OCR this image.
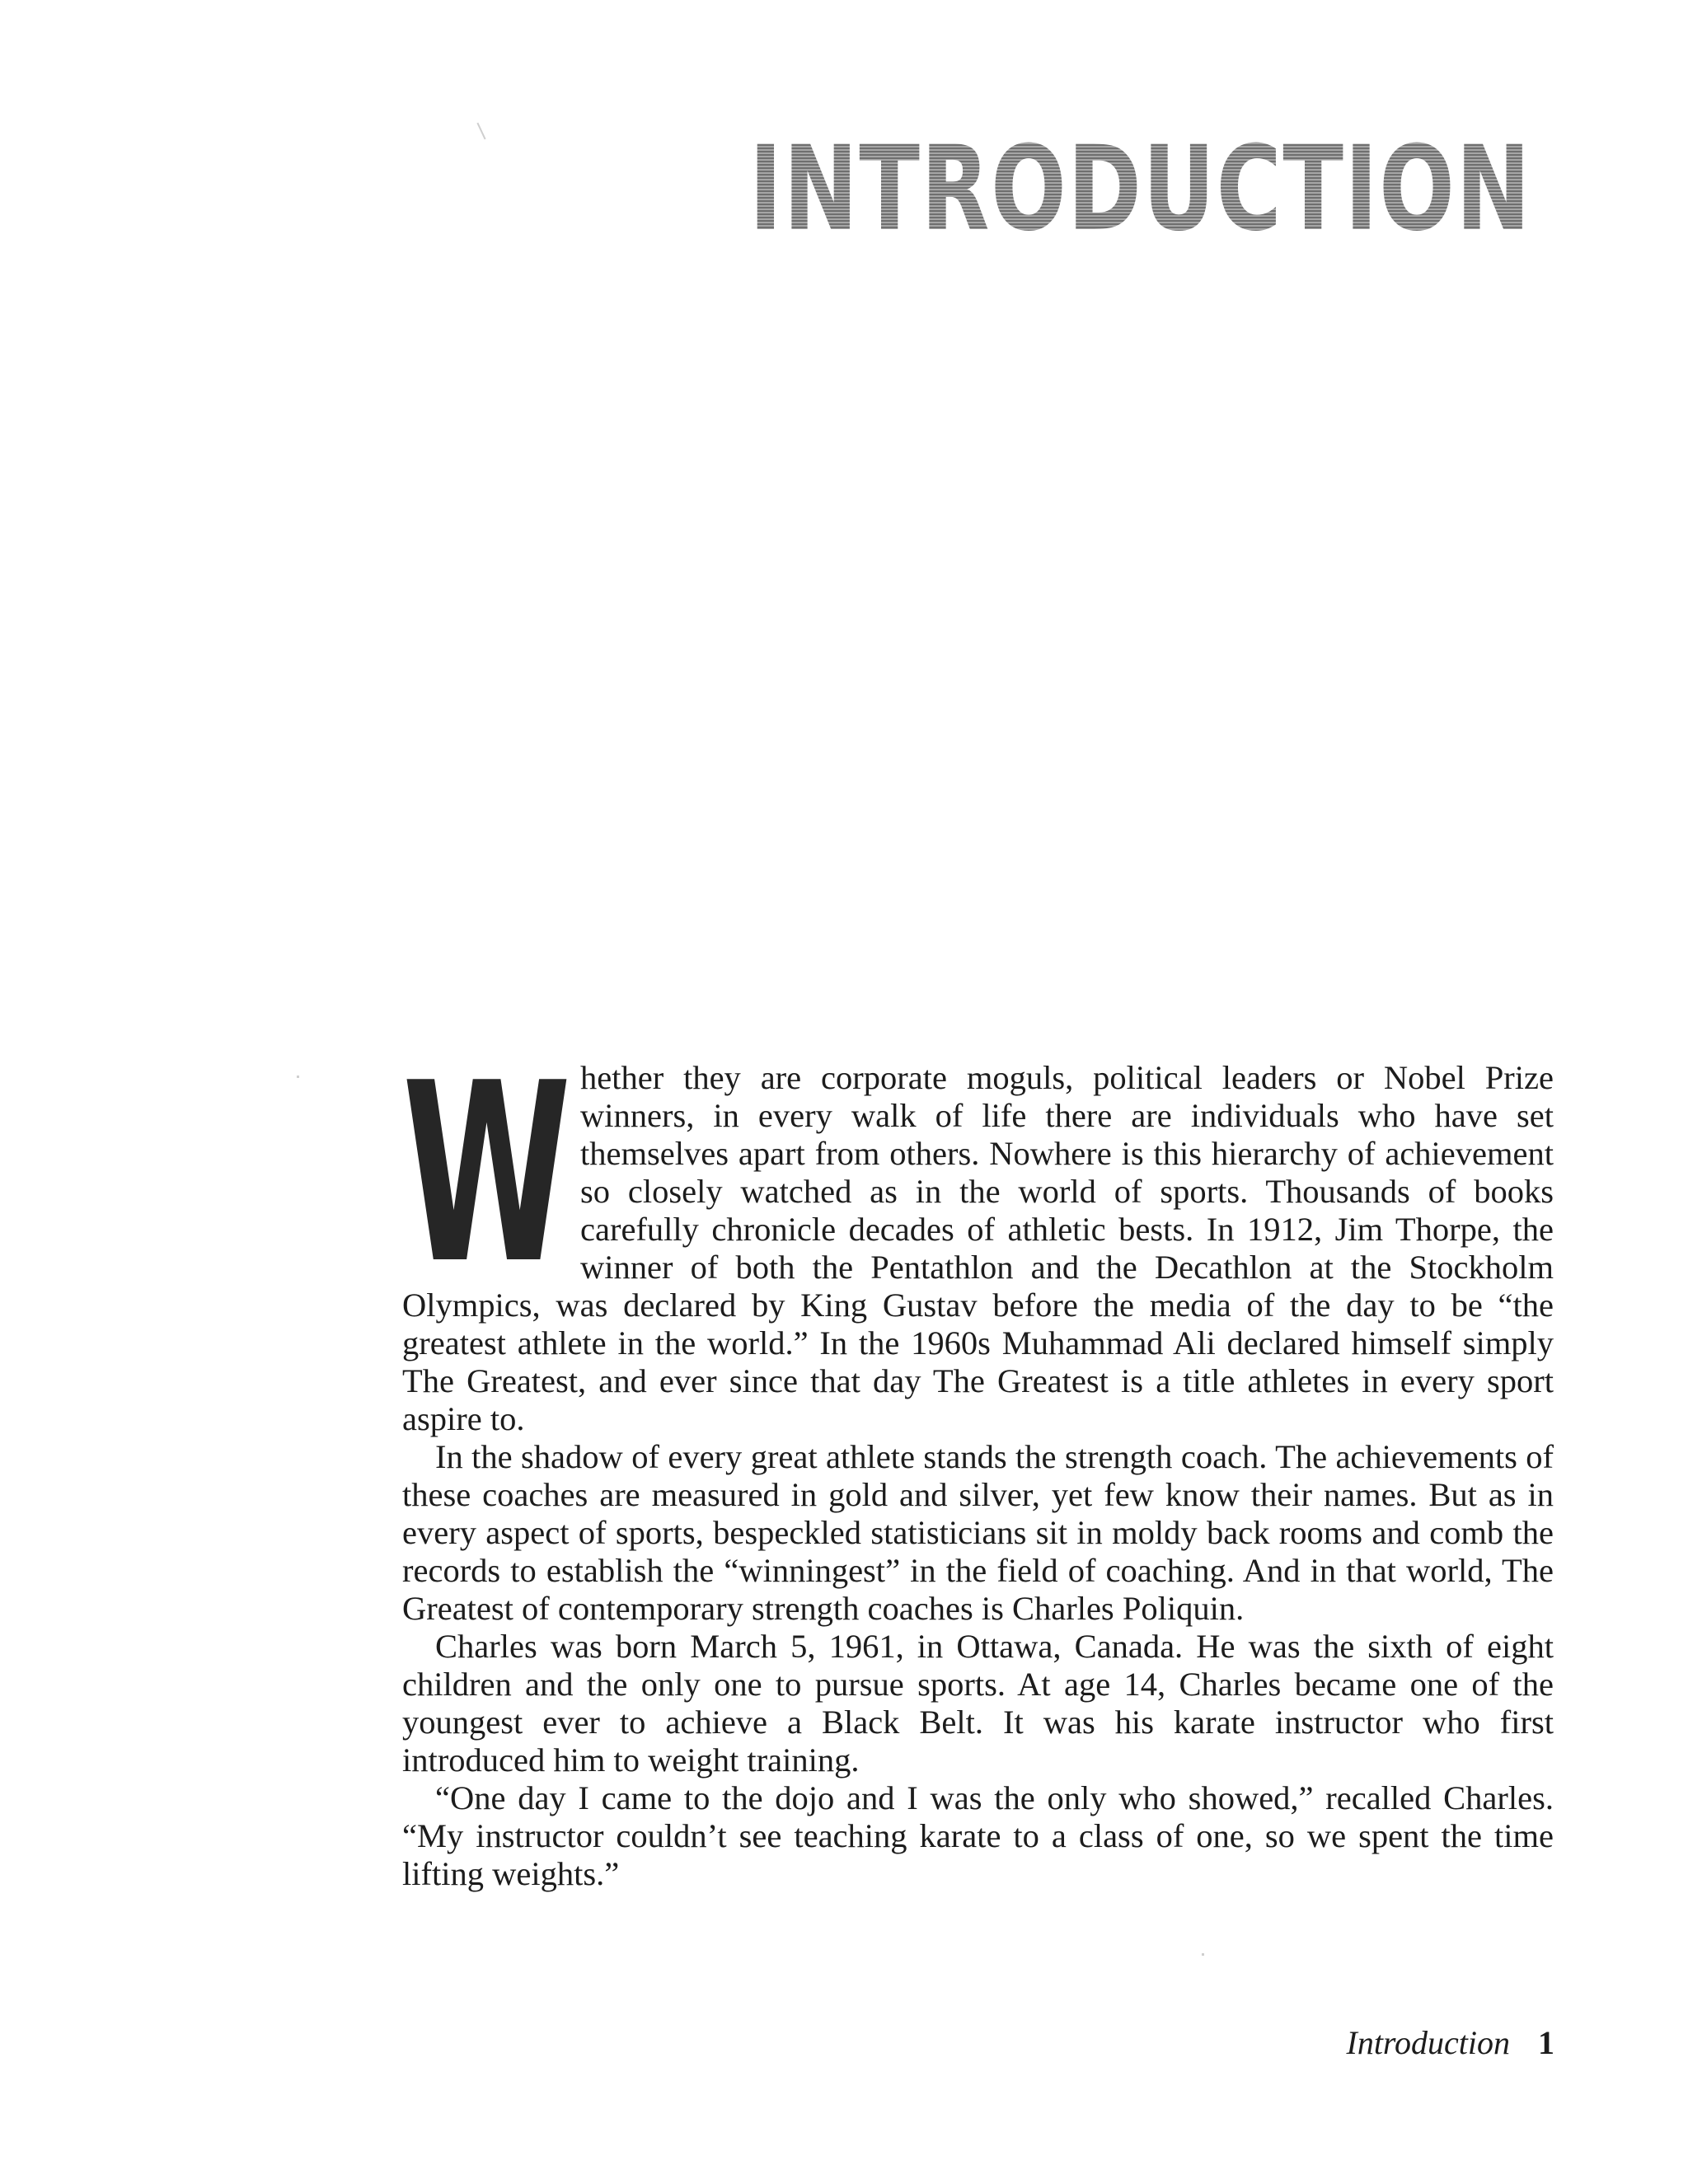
INTRODUCTION

Whether they are corporate moguls, political leaders or Nobel Prize winners, in every walk of life there are individuals who have set themselves apart from others. Nowhere is this hierarchy of achievement so closely watched as in the world of sports. Thousands of books carefully chronicle decades of athletic bests. In 1912, Jim Thorpe, the winner of both the Pentathlon and the Decathlon at the Stockholm Olympics, was declared by King Gustav before the media of the day to be “the greatest athlete in the world.” In the 1960s Muhammad Ali declared himself simply The Greatest, and ever since that day The Greatest is a title athletes in every sport aspire to.

In the shadow of every great athlete stands the strength coach. The achievements of these coaches are measured in gold and silver, yet few know their names. But as in every aspect of sports, bespeckled statisticians sit in moldy back rooms and comb the records to establish the “winningest” in the field of coaching. And in that world, The Greatest of contemporary strength coaches is Charles Poliquin.

Charles was born March 5, 1961, in Ottawa, Canada. He was the sixth of eight children and the only one to pursue sports. At age 14, Charles became one of the youngest ever to achieve a Black Belt. It was his karate instructor who first introduced him to weight training.

“One day I came to the dojo and I was the only who showed,” recalled Charles. “My instructor couldn’t see teaching karate to a class of one, so we spent the time lifting weights.”

Introduction 1
